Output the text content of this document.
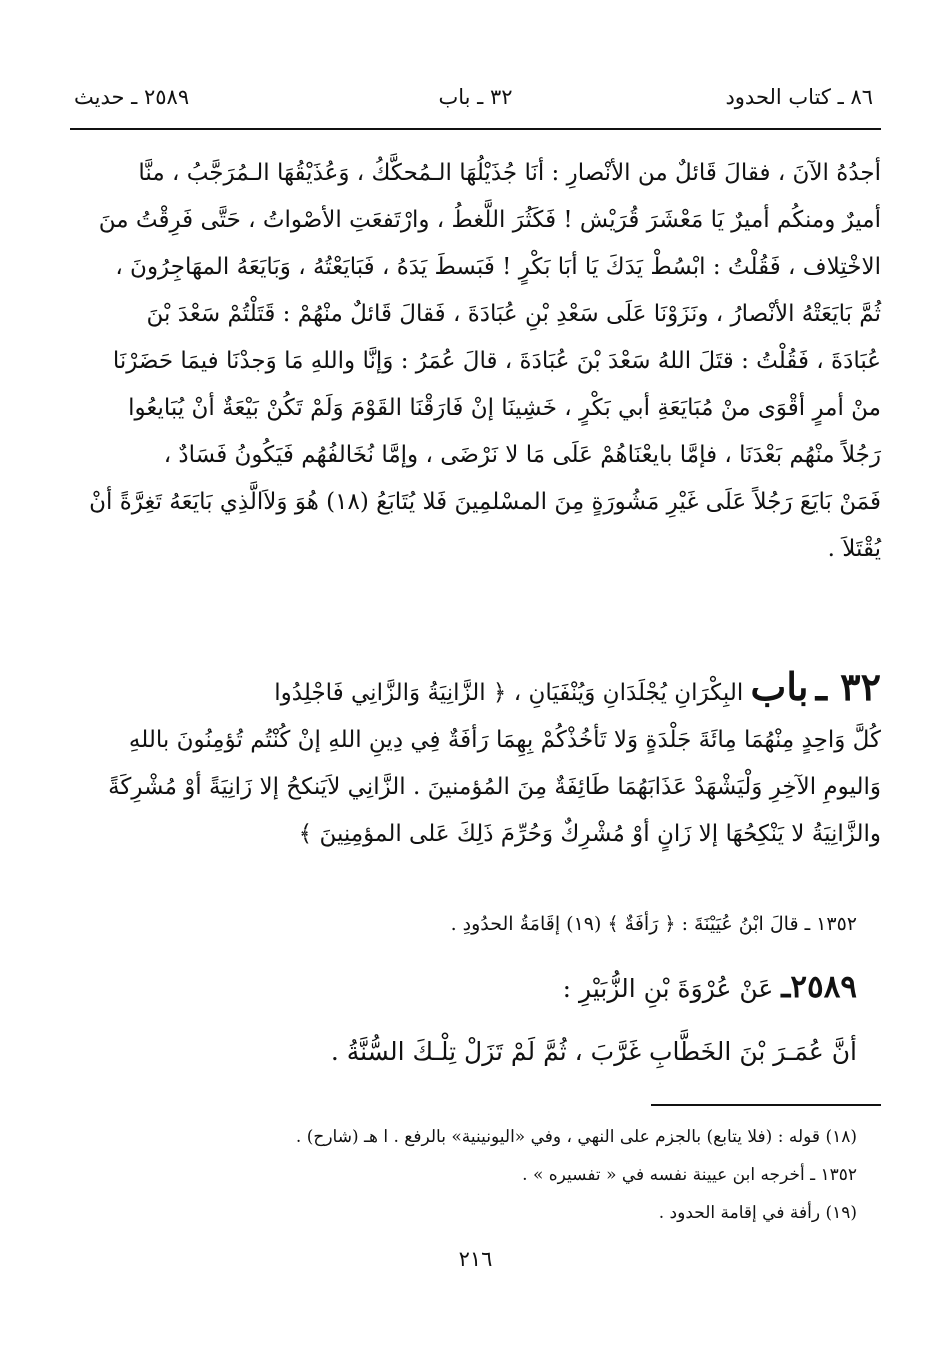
٨٦ ـ كتاب الحدود
٣٢ ـ باب
٢٥٨٩ ـ حديث

أجدُهُ الآنَ ، فقالَ قَائلٌ من الأنْصارِ : أنَا جُذَيْلُهَا الـمُحكَّكُ ، وَعُذَيْقُهَا الـمُرَجَّبُ ، منَّا

أميرٌ ومنكُم أميرٌ يَا مَعْشَرَ قُرَيْش ! فَكَثُرَ اللَّغطُ ، وارْتَفعَتِ الأصْواتُ ، حَتَّى فَرِقْتُ منَ

الاخْتِلاف ، فَقُلْتُ : ابْسُطْ يَدَكَ يَا أبَا بَكْرٍ ! فَبَسطَ يَدَهُ ، فَبَايَعْتُهُ ، وَبَايَعَهُ المهَاجِرُونَ ،

ثُمَّ بَايَعَتْهُ الأنْصارُ ، ونَزَوْنَا عَلَى سَعْدِ بْنِ عُبَادَةَ ، فَقالَ قَائلٌ منْهُمْ : قَتَلْتُمْ سَعْدَ بْنَ

عُبَادَةَ ، فَقُلْتُ : قتَلَ اللهُ سَعْدَ بْنَ عُبَادَةَ ، قالَ عُمَرُ : وَإنَّا واللهِ مَا وَجدْنَا فيمَا حَضَرْنَا

منْ أمرٍ أقْوَى منْ مُبَايَعَةِ أبي بَكْرٍ ، خَشِينَا إنْ فَارَقْنَا القَوْمَ وَلَمْ تَكُنْ بَيْعَةٌ أنْ يُبَايعُوا

رَجُلاً منْهُم بَعْدَنَا ، فإمَّا بايعْنَاهُمْ عَلَى مَا لا نَرْضَى ، وإمَّا نُخَالفُهُم فَيَكُونُ فَسَادٌ ،

فَمَنْ بَايَعَ رَجُلاً عَلَى غَيْرِ مَشُورَةٍ مِنَ المسْلمِينَ فَلا يُتَابَعُ (١٨) هُوَ وَلاَالَّذِي بَايَعَهُ تَغِرَّةً أنْ

يُقْتَلاَ .

٣٢ ـ باب البِكْرَانِ يُجْلَدَانِ وَيُنْفَيَانِ ، ﴿ الزَّانِيَةُ وَالزَّانِي فَاجْلِدُوا

كُلَّ وَاحِدٍ مِنْهُمَا مِائَةَ جَلْدَةٍ وَلا تَأخُذْكُمْ بِهِمَا رَأفَةٌ فِي دِينِ اللهِ إنْ كُنْتُم تُؤمِنُونَ باللهِ

وَاليومِ الآخِرِ وَلْيَشْهَدْ عَذَابَهُمَا طَائِفَةٌ مِنَ المُؤمنينَ . الزَّانِي لاَيَنكحُ إلا زَانِيَةً أوْ مُشْرِكَةً

والزَّانِيَةُ لا يَنْكِحُهَا إلا زَانٍ أوْ مُشْرِكٌ وَحُرِّمَ ذَلِكَ عَلى المؤمِنِينَ ﴾

١٣٥٢ ـ قالَ ابْنُ عُيَيْنَةَ : ﴿ رَأفَةٌ ﴾ (١٩) إقَامَةُ الحدُودِ .
٢٥٨٩ـ عَنْ عُرْوَةَ بْنِ الزُّبَيْرِ :
أنَّ عُمَـرَ بْنَ الخَطَّابِ غَرَّبَ ، ثُمَّ لَمْ تَزَلْ تِلْـكَ السُّنَّةُ .
(١٨) قوله : (فلا يتابع) بالجزم على النهي ، وفي «اليونينية» بالرفع . ا هـ (شارح) .
١٣٥٢ ـ أخرجه ابن عيينة نفسه في « تفسيره » .
(١٩) رأفة في إقامة الحدود .
٢١٦
